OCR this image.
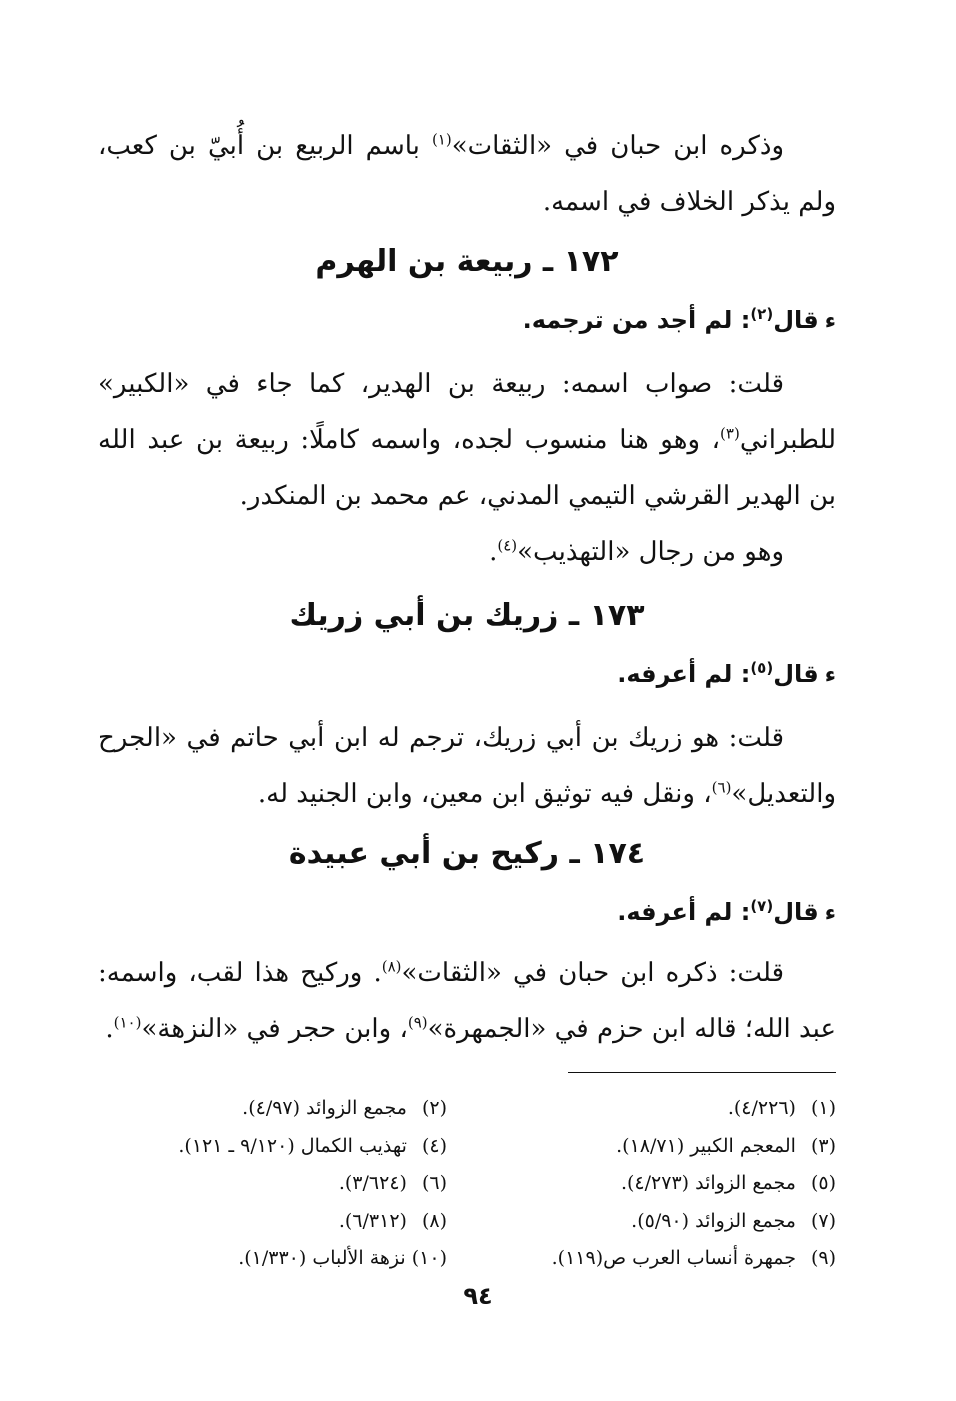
وذكره ابن حبان في «الثقات»$^{(١)}$ باسم الربيع بن أُبيّ بن كعب، ولم يذكر الخلاف في اسمه.

١٧٢ ـ ربيعة بن الهرم

ءقال$^{(٢)}$: لم أجد من ترجمه.

قلت: صواب اسمه: ربيعة بن الهدير، كما جاء في «الكبير» للطبراني$^{(٣)}$، وهو هنا منسوب لجده، واسمه كاملًا: ربيعة بن عبد الله بن الهدير القرشي التيمي المدني، عم محمد بن المنكدر.

وهو من رجال «التهذيب»$^{(٤)}$.

١٧٣ ـ زريك بن أبي زريك

ءقال$^{(٥)}$: لم أعرفه.

قلت: هو زريك بن أبي زريك، ترجم له ابن أبي حاتم في «الجرح والتعديل»$^{(٦)}$، ونقل فيه توثيق ابن معين، وابن الجنيد له.

١٧٤ ـ ركيح بن أبي عبيدة

ءقال$^{(٧)}$: لم أعرفه.

قلت: ذكره ابن حبان في «الثقات»$^{(٨)}$. وركيح هذا لقب، واسمه: عبد الله؛ قاله ابن حزم في «الجمهرة»$^{(٩)}$، وابن حجر في «النزهة»$^{(١٠)}$.

(١) (٤/٢٢٦).
(٢) مجمع الزوائد (٤/٩٧).
(٣) المعجم الكبير (١٨/٧١).
(٤) تهذيب الكمال (٩/١٢٠ ـ ١٢١).
(٥) مجمع الزوائد (٤/٢٧٣).
(٦) (٣/٦٢٤).
(٧) مجمع الزوائد (٥/٩٠).
(٨) (٦/٣١٢).
(٩) جمهرة أنساب العرب ص(١١٩).
(١٠) نزهة الألباب (١/٣٣٠).

٩٤
